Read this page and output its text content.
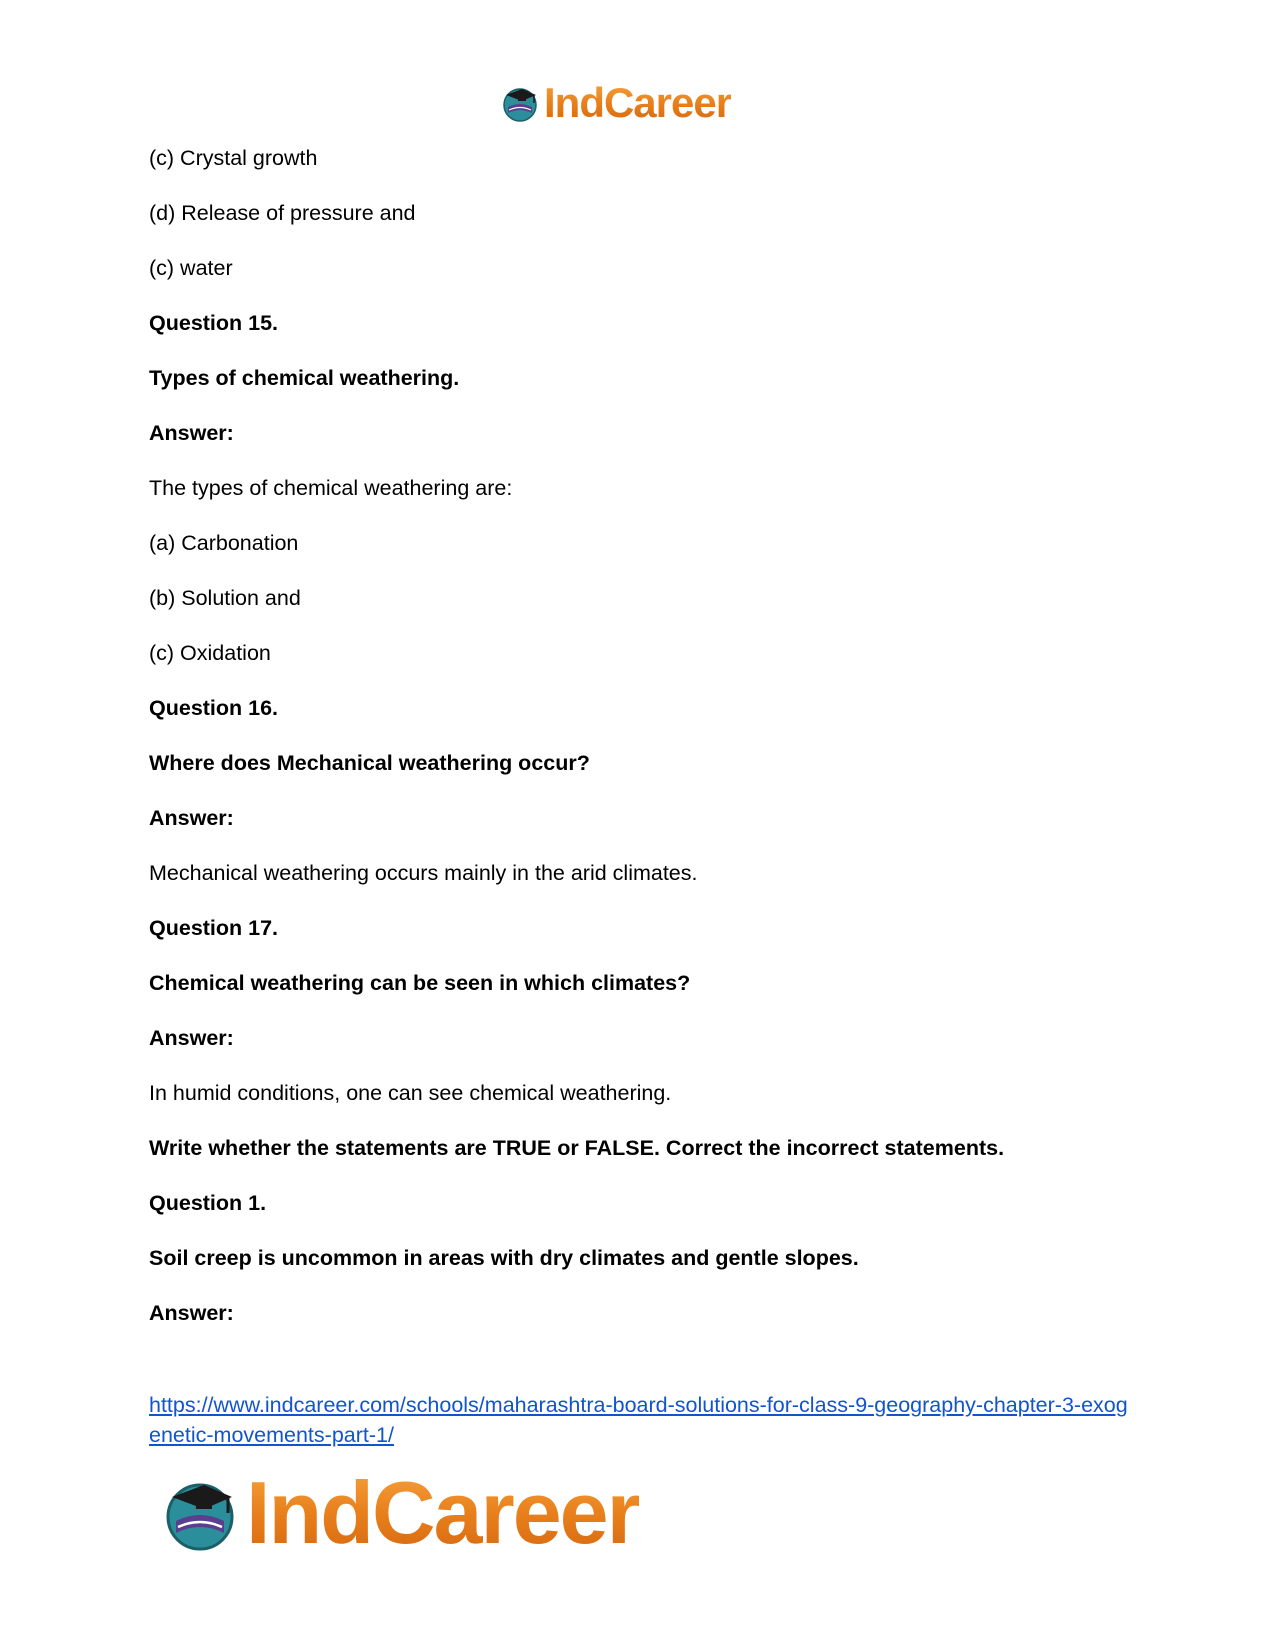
IndCareer
(c) Crystal growth
(d) Release of pressure and
(c) water
Question 15.
Types of chemical weathering.
Answer:
The types of chemical weathering are:
(a) Carbonation
(b) Solution and
(c) Oxidation
Question 16.
Where does Mechanical weathering occur?
Answer:
Mechanical weathering occurs mainly in the arid climates.
Question 17.
Chemical weathering can be seen in which climates?
Answer:
In humid conditions, one can see chemical weathering.
Write whether the statements are TRUE or FALSE. Correct the incorrect statements.
Question 1.
Soil creep is uncommon in areas with dry climates and gentle slopes.
Answer:
https://www.indcareer.com/schools/maharashtra-board-solutions-for-class-9-geography-chapter-3-exogenetic-movements-part-1/
IndCareer
